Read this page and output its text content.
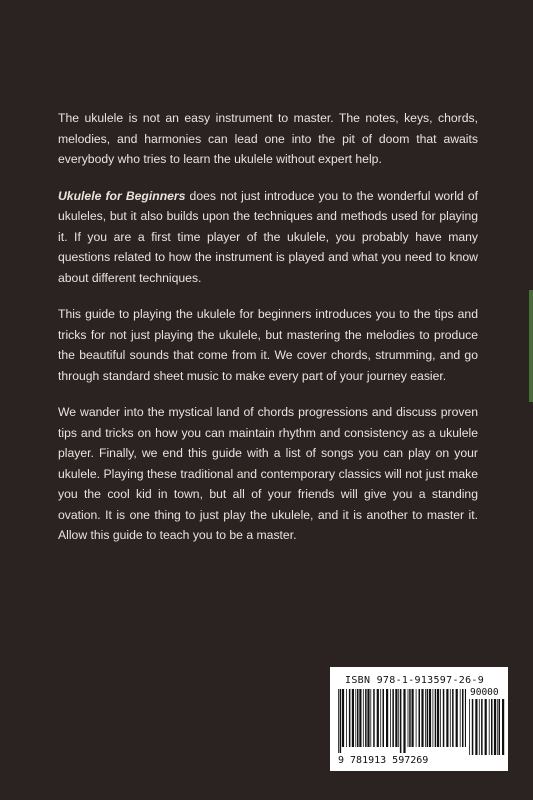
The ukulele is not an easy instrument to master. The notes, keys, chords, melodies, and harmonies can lead one into the pit of doom that awaits everybody who tries to learn the ukulele without expert help.

Ukulele for Beginners does not just introduce you to the wonderful world of ukuleles, but it also builds upon the techniques and methods used for playing it. If you are a first time player of the ukulele, you probably have many questions related to how the instrument is played and what you need to know about different techniques.

This guide to playing the ukulele for beginners introduces you to the tips and tricks for not just playing the ukulele, but mastering the melodies to produce the beautiful sounds that come from it. We cover chords, strumming, and go through standard sheet music to make every part of your journey easier.

We wander into the mystical land of chords progressions and discuss proven tips and tricks on how you can maintain rhythm and consistency as a ukulele player. Finally, we end this guide with a list of songs you can play on your ukulele. Playing these traditional and contemporary classics will not just make you the cool kid in town, but all of your friends will give you a standing ovation. It is one thing to just play the ukulele, and it is another to master it. Allow this guide to teach you to be a master.

ISBN 978-1-913597-26-9
90000
9 781913 597269
